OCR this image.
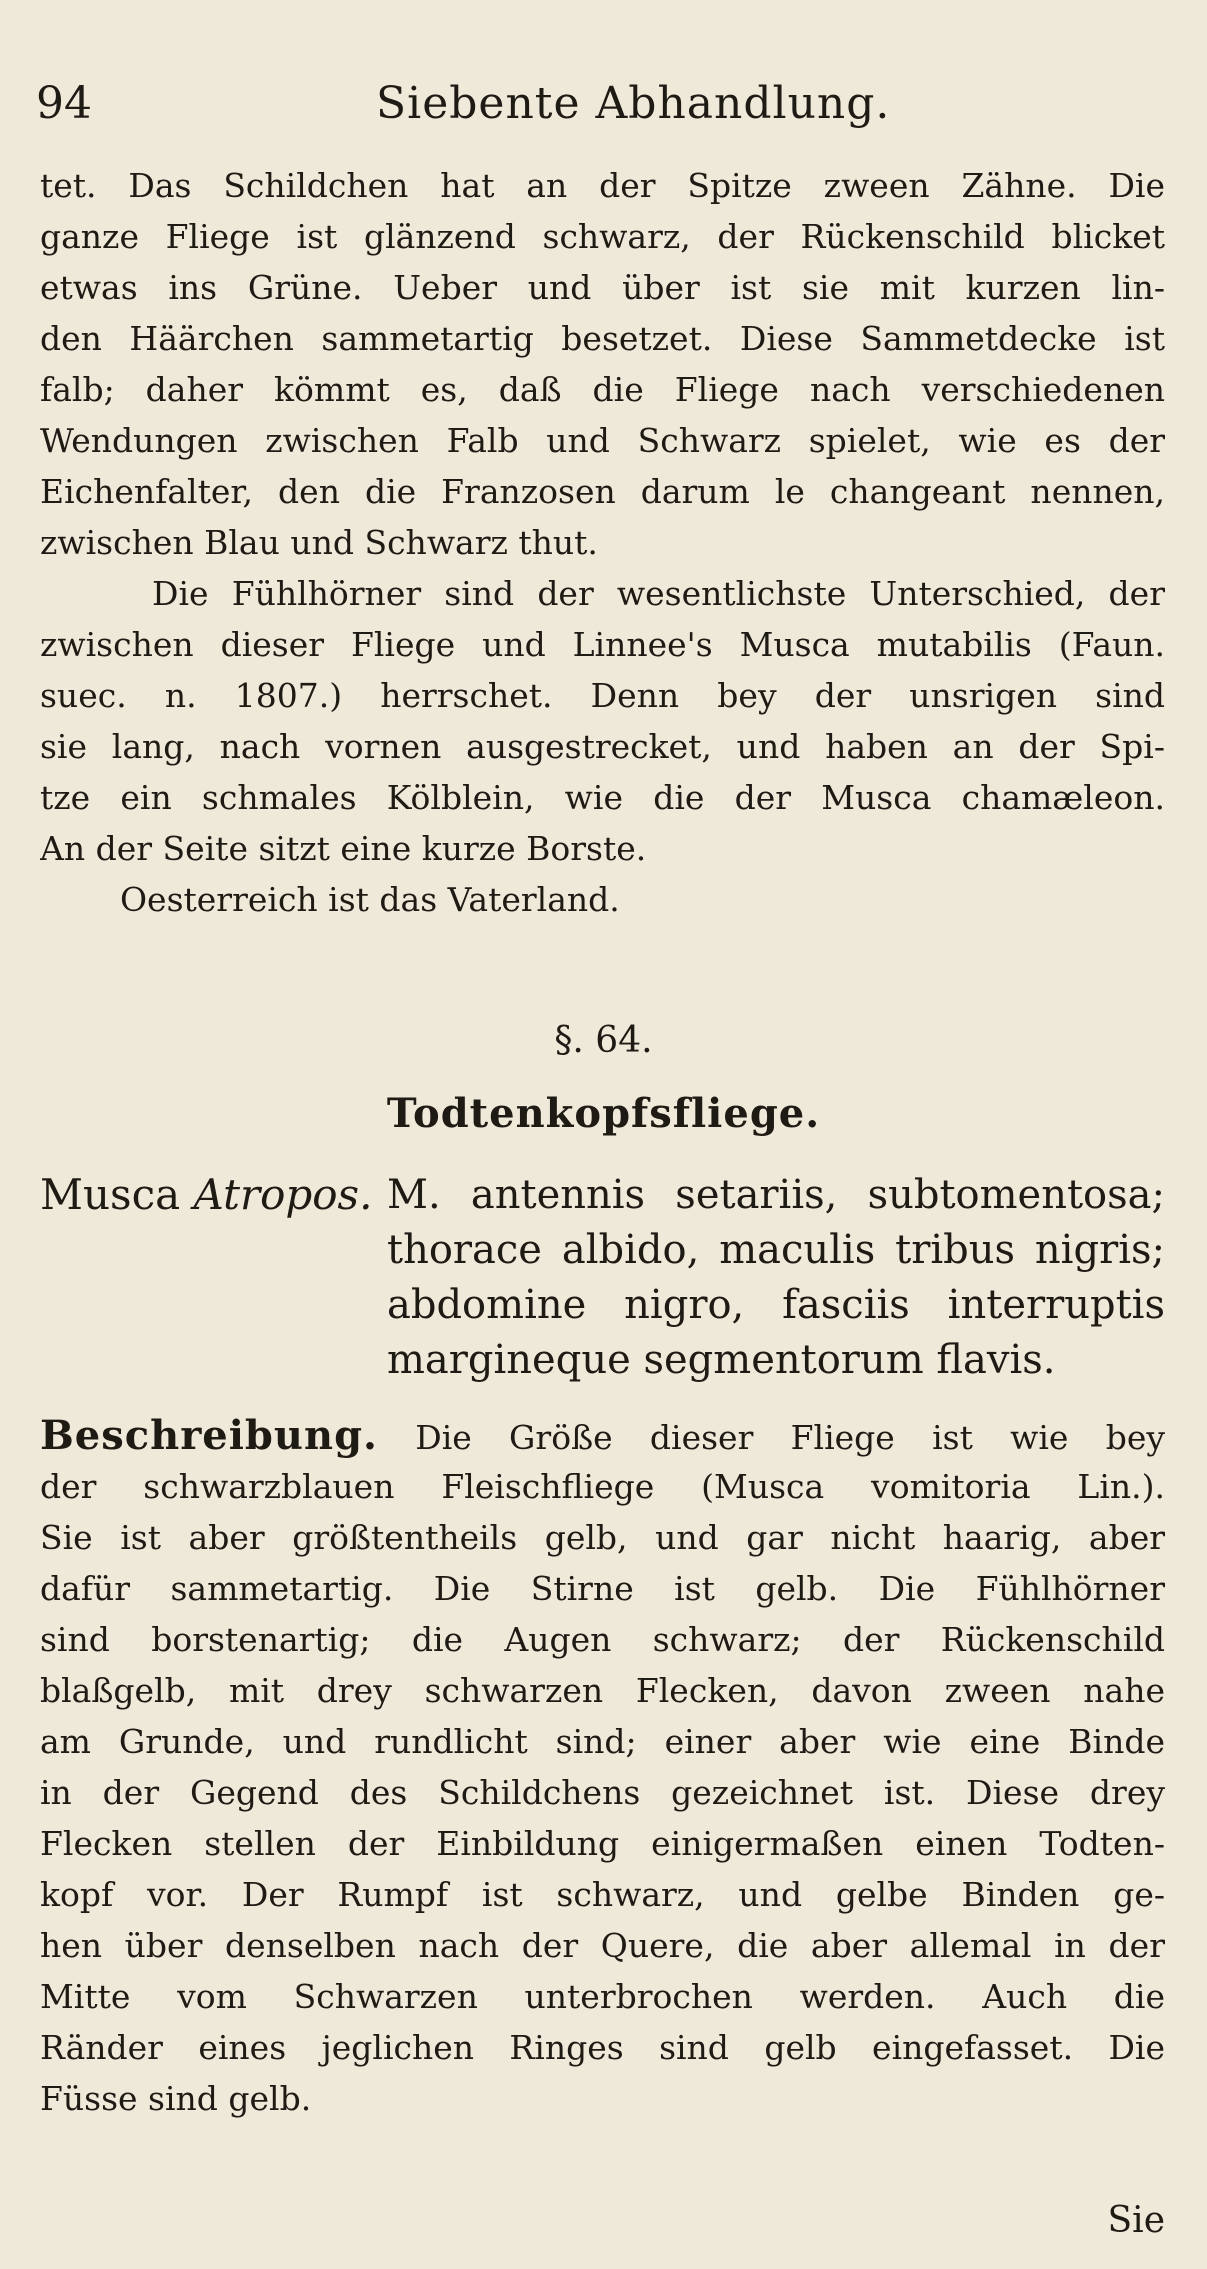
94	Siebente Abhandlung.
tet. Das Schildchen hat an der Spitze zween Zähne. Die
ganze Fliege ist glänzend schwarz, der Rückenschild blicket
etwas ins Grüne. Ueber und über ist sie mit kurzen lin-
den Häärchen sammetartig besetzet. Diese Sammetdecke ist
falb; daher kömmt es, daß die Fliege nach verschiedenen
Wendungen zwischen Falb und Schwarz spielet, wie es der
Eichenfalter, den die Franzosen darum le changeant nennen,
zwischen Blau und Schwarz thut.
Die Fühlhörner sind der wesentlichste Unterschied, der
zwischen dieser Fliege und Linnee's Musca mutabilis (Faun.
suec. n. 1807.) herrschet. Denn bey der unsrigen sind
sie lang, nach vornen ausgestrecket, und haben an der Spi-
tze ein schmales Kölblein, wie die der Musca chamæleon.
An der Seite sitzt eine kurze Borste.
Oesterreich ist das Vaterland.
§. 64.
Todtenkopfsfliege.
Musca Atropos. M. antennis setariis, subtomentosa;
thorace albido, maculis tribus nigris;
abdomine nigro, fasciis interruptis
margineque segmentorum flavis.
Beschreibung. Die Größe dieser Fliege ist wie bey
der schwarzblauen Fleischfliege (Musca vomitoria Lin.).
Sie ist aber größtentheils gelb, und gar nicht haarig, aber
dafür sammetartig. Die Stirne ist gelb. Die Fühlhörner
sind borstenartig; die Augen schwarz; der Rückenschild
blaßgelb, mit drey schwarzen Flecken, davon zween nahe
am Grunde, und rundlicht sind; einer aber wie eine Binde
in der Gegend des Schildchens gezeichnet ist. Diese drey
Flecken stellen der Einbildung einigermaßen einen Todten-
kopf vor. Der Rumpf ist schwarz, und gelbe Binden ge-
hen über denselben nach der Quere, die aber allemal in der
Mitte vom Schwarzen unterbrochen werden. Auch die
Ränder eines jeglichen Ringes sind gelb eingefasset. Die
Füsse sind gelb.
Sie
